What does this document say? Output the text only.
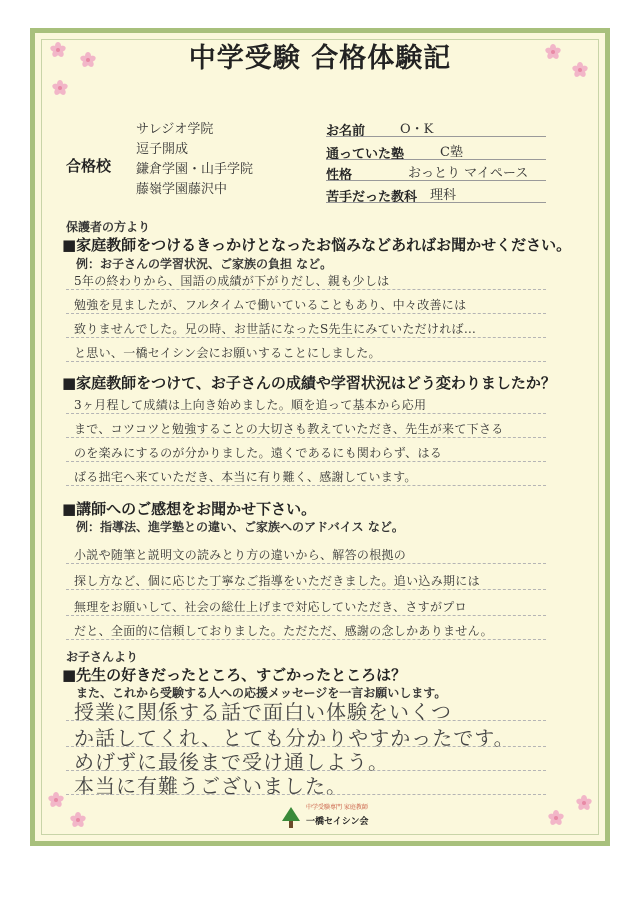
中学受験 合格体験記
合格校
サレジオ学院
逗子開成
鎌倉学園・山手学院
藤嶺学園藤沢中
お名前	O・K
通っていた塾	C塾
性格	おっとり マイペース
苦手だった教科 理科
保護者の方より
■家庭教師をつけるきっかけとなったお悩みなどあればお聞かせください。
例：お子さんの学習状況、ご家族の負担 など。
5年の終わりから、国語の成績が下がりだし、親も少しは
勉強を見ましたが、フルタイムで働いていることもあり、中々改善には
致りませんでした。兄の時、お世話になったS先生にみていただければ…
と思い、一橋セイシン会にお願いすることにしました。
■家庭教師をつけて、お子さんの成績や学習状況はどう変わりましたか？
3ヶ月程して成績は上向き始めました。順を追って基本から応用
まで、コツコツと勉強することの大切さも教えていただき、先生が来て下さる
のを楽みにするのが分かりました。遠くであるにも関わらず、はる
ばる拙宅へ来ていただき、本当に有り難く、感謝しています。
■講師へのご感想をお聞かせ下さい。
例：指導法、進学塾との違い、ご家族へのアドバイス など。
小説や随筆と説明文の読みとり方の違いから、解答の根拠の
探し方など、個に応じた丁寧なご指導をいただきました。追い込み期には
無理をお願いして、社会の総仕上げまで対応していただき、さすがプロ
だと、全面的に信頼しておりました。ただただ、感謝の念しかありません。
お子さんより
■先生の好きだったところ、すごかったところは？
また、これから受験する人への応援メッセージを一言お願いします。
授業に関係する話で面白い体験をいくつ
か話してくれ、とても分かりやすかったです。
めげずに最後まで受け通しよう。
本当に有難うございました。
中学受験専門 家庭教師
一橋セイシン会
